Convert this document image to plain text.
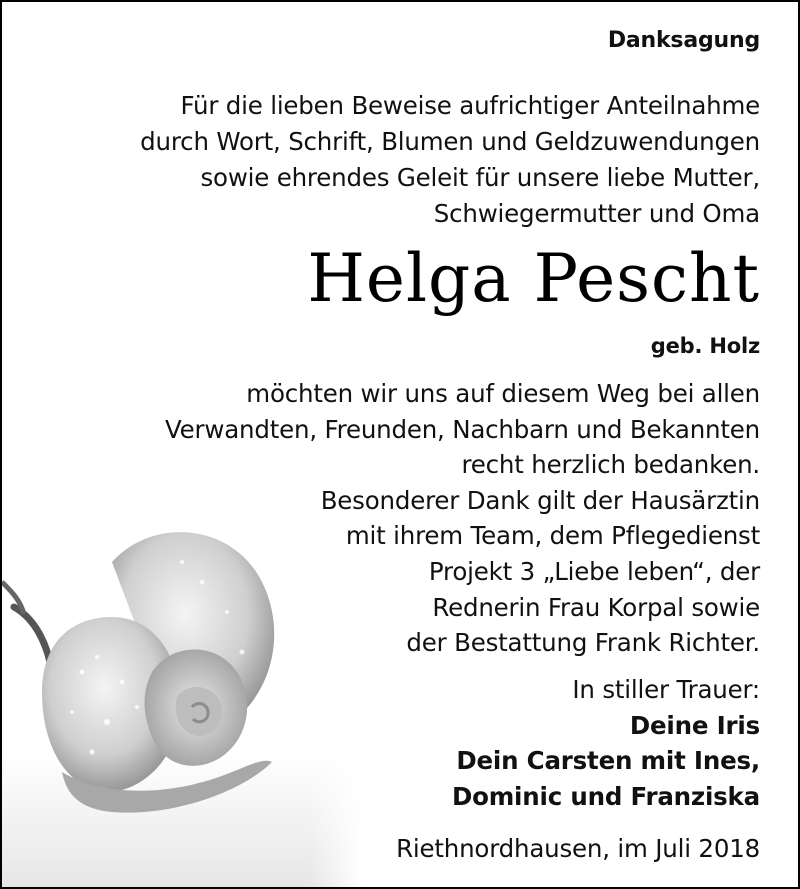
Danksagung
Für die lieben Beweise aufrichtiger Anteilnahme
durch Wort, Schrift, Blumen und Geldzuwendungen
sowie ehrendes Geleit für unsere liebe Mutter,
Schwiegermutter und Oma
Helga Pescht
geb. Holz
möchten wir uns auf diesem Weg bei allen
Verwandten, Freunden, Nachbarn und Bekannten
recht herzlich bedanken.
Besonderer Dank gilt der Hausärztin
mit ihrem Team, dem Pflegedienst
Projekt 3 „Liebe leben“, der
Rednerin Frau Korpal sowie
der Bestattung Frank Richter.
In stiller Trauer:
Deine Iris
Dein Carsten mit Ines,
Dominic und Franziska
Riethnordhausen, im Juli 2018
